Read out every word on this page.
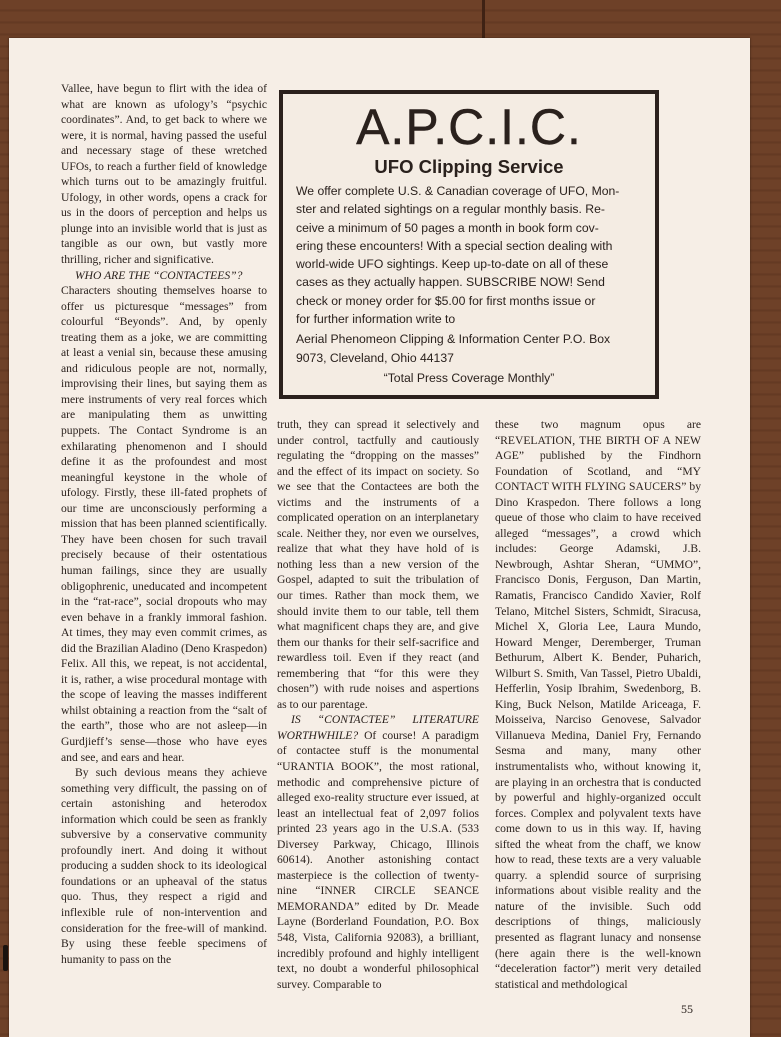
Vallee, have begun to flirt with the idea of what are known as ufology’s “psychic coordinates”. And, to get back to where we were, it is normal, having passed the useful and necessary stage of these wretched UFOs, to reach a further field of knowledge which turns out to be amazingly fruitful. Ufology, in other words, opens a crack for us in the doors of perception and helps us plunge into an invisible world that is just as tangible as our own, but vastly more thrilling, richer and significative.

WHO ARE THE “CONTACTEES”?
Characters shouting themselves hoarse to offer us picturesque “messages” from colourful “Beyonds”. And, by openly treating them as a joke, we are committing at least a venial sin, because these amusing and ridiculous people are not, normally, improvising their lines, but saying them as mere instruments of very real forces which are manipulating them as unwitting puppets. The Contact Syndrome is an exhilarating phenomenon and I should define it as the profoundest and most meaningful keystone in the whole of ufology. Firstly, these ill-fated prophets of our time are unconsciously performing a mission that has been planned scientifically. They have been chosen for such travail precisely because of their ostentatious human failings, since they are usually obligophrenic, uneducated and incompetent in the “rat-race”, social dropouts who may even behave in a frankly immoral fashion. At times, they may even commit crimes, as did the Brazilian Aladino (Deno Kraspedon) Felix. All this, we repeat, is not accidental, it is, rather, a wise procedural montage with the scope of leaving the masses indifferent whilst obtaining a reaction from the “salt of the earth”, those who are not asleep—in Gurdjieff’s sense—those who have eyes and see, and ears and hear.

By such devious means they achieve something very difficult, the passing on of certain astonishing and heterodox information which could be seen as frankly subversive by a conservative community profoundly inert. And doing it without producing a sudden shock to its ideological foundations or an upheaval of the status quo. Thus, they respect a rigid and inflexible rule of non-intervention and consideration for the free-will of mankind. By using these feeble specimens of humanity to pass on the

A.P.C.I.C.
UFO Clipping Service
We offer complete U.S. & Canadian coverage of UFO, Mon-
ster and related sightings on a regular monthly basis. Re-
ceive a minimum of 50 pages a month in book form cov-
ering these encounters! With a special section dealing with
world-wide UFO sightings. Keep up-to-date on all of these
cases as they actually happen. SUBSCRIBE NOW! Send
check or money order for $5.00 for first months issue or
for further information write to
Aerial Phenomeon Clipping & Information Center P.O. Box 9073, Cleveland, Ohio 44137
“Total Press Coverage Monthly”

truth, they can spread it selectively and under control, tactfully and cautiously regulating the “dropping on the masses” and the effect of its impact on society. So we see that the Contactees are both the victims and the instruments of a complicated operation on an interplanetary scale. Neither they, nor even we ourselves, realize that what they have hold of is nothing less than a new version of the Gospel, adapted to suit the tribulation of our times. Rather than mock them, we should invite them to our table, tell them what magnificent chaps they are, and give them our thanks for their self-sacrifice and rewardless toil. Even if they react (and remembering that “for this were they chosen”) with rude noises and aspertions as to our parentage.

IS “CONTACTEE” LITERATURE WORTHWHILE? Of course! A paradigm of contactee stuff is the monumental “URANTIA BOOK”, the most rational, methodic and comprehensive picture of alleged exo-reality structure ever issued, at least an intellectual feat of 2,097 folios printed 23 years ago in the U.S.A. (533 Diversey Parkway, Chicago, Illinois 60614). Another astonishing contact masterpiece is the collection of twenty-nine “INNER CIRCLE SEANCE MEMORANDA” edited by Dr. Meade Layne (Borderland Foundation, P.O. Box 548, Vista, California 92083), a brilliant, incredibly profound and highly intelligent text, no doubt a wonderful philosophical survey. Comparable to

these two magnum opus are “REVELATION, THE BIRTH OF A NEW AGE” published by the Findhorn Foundation of Scotland, and “MY CONTACT WITH FLYING SAUCERS” by Dino Kraspedon. There follows a long queue of those who claim to have received alleged “messages”, a crowd which includes: George Adamski, J.B. Newbrough, Ashtar Sheran, “UMMO”, Francisco Donis, Ferguson, Dan Martin, Ramatis, Francisco Candido Xavier, Rolf Telano, Mitchel Sisters, Schmidt, Siracusa, Michel X, Gloria Lee, Laura Mundo, Howard Menger, Deremberger, Truman Bethurum, Albert K. Bender, Puharich, Wilburt S. Smith, Van Tassel, Pietro Ubaldi, Hefferlin, Yosip Ibrahim, Swedenborg, B. King, Buck Nelson, Matilde Ariceaga, F. Moisseiva, Narciso Genovese, Salvador Villanueva Medina, Daniel Fry, Fernando Sesma and many, many other instrumentalists who, without knowing it, are playing in an orchestra that is conducted by powerful and highly-organized occult forces. Complex and polyvalent texts have come down to us in this way. If, having sifted the wheat from the chaff, we know how to read, these texts are a very valuable quarry. a splendid source of surprising informations about visible reality and the nature of the invisible. Such odd descriptions of things, maliciously presented as flagrant lunacy and nonsense (here again there is the well-known “deceleration factor”) merit very detailed statistical and methdological

55
